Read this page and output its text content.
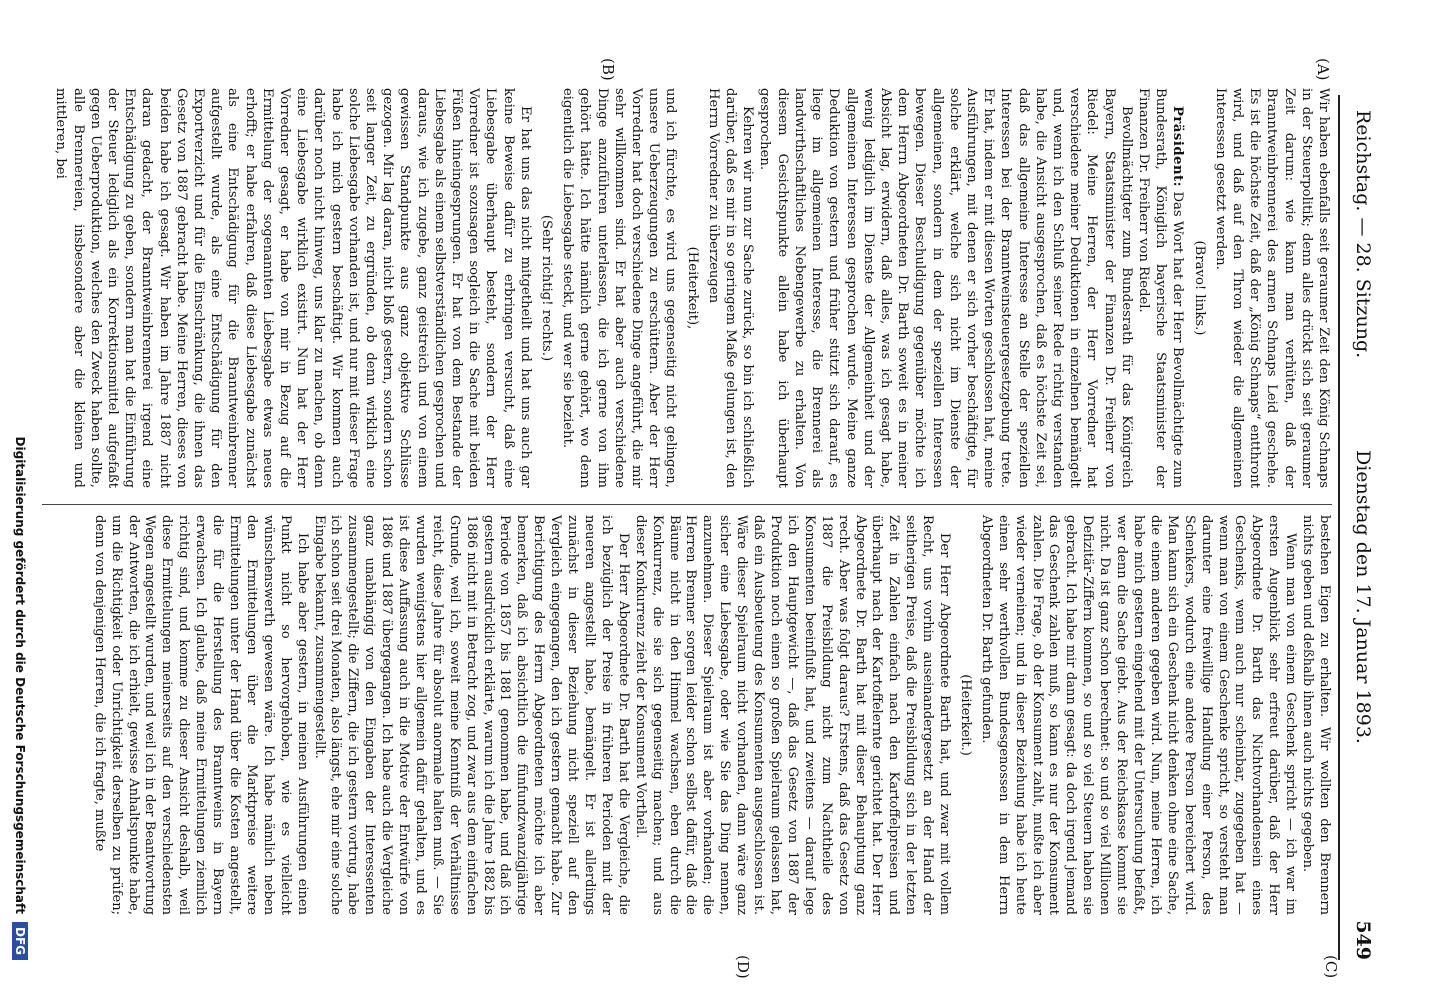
Reichstag. — 28. Sitzung.
Dienstag den 17. Januar 1893.
549
(A)
(B)
(C)
(D)

Wir haben ebenfalls seit geraumer Zeit den König Schnaps in der Steuerpolitik; denn alles drückt sich seit geraumer Zeit darum: wie kann man verhüten, daß der Branntweinbrennerei des armen Schnaps Leid geschehe. Es ist die höchste Zeit, daß der „König Schnaps“ entthront wird, und daß auf den Thron wieder die allgemeinen Interessen gesetzt werden.

(Bravo! links.)

Präsident: Das Wort hat der Herr Bevollmächtigte zum Bundesrath, Königlich bayerische Staatsminister der Finanzen Dr. Freiherr von Riedel.

Bevollmächtigter zum Bundesrath für das Königreich Bayern, Staatsminister der Finanzen Dr. Freiherr von Riedel: Meine Herren, der Herr Vorredner hat verschiedene meiner Deduktionen in einzelnen bemängelt und, wenn ich den Schluß seiner Rede richtig verstanden habe, die Ansicht ausgesprochen, daß es höchste Zeit sei, daß das allgemeine Interesse an Stelle der speziellen Interessen bei der Branntweinsteuergesetzgebung trete. Er hat, indem er mit diesen Worten geschlossen hat, meine Ausführungen, mit denen er sich vorher beschäftigte, für solche erklärt, welche sich nicht im Dienste der allgemeinen, sondern in dem der speziellen Interessen bewegen. Dieser Beschuldigung gegenüber möchte ich dem Herrn Abgeordneten Dr. Barth soweit es in meiner Absicht lag, erwidern, daß alles, was ich gesagt habe, wenig lediglich im Dienste der Allgemeinheit und der allgemeinen Interessen gesprochen wurde. Meine ganze Deduktion von gestern und früher stützt sich darauf, es liege im allgemeinen Interesse, die Brennerei als landwirthschaftliches Nebengewerbe zu erhalten. Von diesem Gesichtspunkte allein habe ich überhaupt gesprochen.

Kehren wir nun zur Sache zurück, so bin ich schließlich darüber, daß es mir in so geringem Maße gelungen ist, den Herrn Vorredner zu überzeugen

(Heiterkeit),

und ich fürchte, es wird uns gegenseitig nicht gelingen, unsere Ueberzeugungen zu erschüttern. Aber der Herr Vorredner hat doch verschiedene Dinge angeführt, die mir sehr willkommen sind. Er hat aber auch verschiedene Dinge anzuführen unterlassen, die ich gerne von ihm gehört hätte. Ich hätte nämlich gerne gehört, wo denn eigentlich die Liebesgabe steckt, und wer sie bezieht.

(Sehr richtig! rechts.)

Er hat uns das nicht mitgetheilt und hat uns auch gar keine Beweise dafür zu erbringen versucht, daß eine Liebesgabe überhaupt besteht, sondern der Herr Vorredner ist sozusagen sogleich in die Sache mit beiden Füßen hineingesprungen. Er hat von dem Bestande der Liebesgabe als einem selbstverständlichen gesprochen und daraus, wie ich zugebe, ganz geistreich und von einem gewissen Standpunkte aus ganz objektive Schlüsse gezogen. Mir lag daran, nicht bloß gestern, sondern schon seit langer Zeit, zu ergründen, ob denn wirklich eine solche Liebesgabe vorhanden ist, und nur mit dieser Frage habe ich mich gestern beschäftigt. Wir kommen auch darüber noch nicht hinweg, uns klar zu machen, ob denn eine Liebesgabe wirklich existirt. Nun hat der Herr Vorredner gesagt, er habe von mir in Bezug auf die Ermittelung der sogenannten Liebesgabe etwas neues erhofft; er habe erfahren, daß diese Liebesgabe zunächst als eine Entschädigung für die Branntweinbrenner aufgestellt wurde, als eine Entschädigung für den Exportverzicht und für die Einschränkung, die ihnen das Gesetz von 1887 gebracht habe. Meine Herren, dieses von beiden habe ich gesagt. Wir haben im Jahre 1887 nicht daran gedacht, der Branntweinbrennerei irgend eine Entschädigung zu geben, sondern man hat die Einführung der Steuer lediglich als ein Korrektionsmittel aufgefaßt gegen Ueberproduktion, welches den Zweck haben sollte, alle Brennereien, insbesondere aber die kleinen und mittleren, bei

bestehen Eigen zu erhalten. Wir wollten den Brennern nichts geben und deßhalb ihnen auch nichts gegeben.

Wenn man von einem Geschenk spricht — ich war im ersten Augenblick sehr erfreut darüber, daß der Herr Abgeordnete Dr. Barth das Nichtvorhandensein eines Geschenks, wenn auch nur scheinbar, zugegeben hat — wenn man von einem Geschenke spricht, so versteht man darunter eine freiwillige Handlung einer Person, des Schenkers, wodurch eine andere Person bereichert wird. Man kann sich ein Geschenk nicht denken ohne eine Sache, die einem anderen gegeben wird. Nun, meine Herren, ich habe mich gestern eingehend mit der Untersuchung befaßt, wer denn die Sache giebt. Aus der Reichskasse kommt sie nicht. Da ist ganz schon berechnet: so und so viel Millionen Defizitär-Ziffern kommen, so und so viel Steuern haben sie gebracht. Ich habe mir dann gesagt: da doch irgend jemand das Geschenk zahlen muß, so kann es nur der Konsument zahlen. Die Frage, ob der Konsument zahlt, mußte ich aber wieder verneinen; und in dieser Beziehung habe ich heute einen sehr werthvollen Bundesgenossen in dem Herrn Abgeordneten Dr. Barth gefunden.

(Heiterkeit.)

Der Herr Abgeordnete Barth hat, und zwar mit vollem Recht, uns vorhin auseinandergesetzt an der Hand der seitherigen Preise, daß die Preisbildung sich in der letzten Zeit in Zahlen einfach nach den Kartoffelpreisen und überhaupt nach der Kartoffelernte gerichtet hat. Der Herr Abgeordnete Dr. Barth hat mit dieser Behauptung ganz recht. Aber was folgt daraus? Erstens, daß das Gesetz von 1887 die Preisbildung nicht zum Nachtheile des Konsumenten beeinflußt hat, und zweitens — darauf lege ich den Hauptgewicht —, daß das Gesetz von 1887 der Produktion noch einen so großen Spielraum gelassen hat, daß ein Ausbeuteung des Konsumenten ausgeschlossen ist. Wäre dieser Spielraum nicht vorhanden, dann wäre ganz sicher eine Liebesgabe, oder wie Sie das Ding nennen, anzunehmen. Dieser Spielraum ist aber vorhanden; die Herren Brenner sorgen leider schon selbst dafür, daß die Bäume nicht in den Himmel wachsen, eben durch die Konkurrenz, die sie sich gegenseitig machen; und aus dieser Konkurrenz zieht der Konsument Vortheil.

Der Herr Abgeordnete Dr. Barth hat die Vergleiche, die ich bezüglich der Preise in früheren Perioden mit der neueren angestellt habe, bemängelt. Er ist allerdings zunächst in dieser Beziehung nicht speziell auf den Vergleich eingegangen, den ich gestern gemacht habe. Zur Berichtigung des Herrn Abgeordneten möchte ich aber bemerken, daß ich absichtlich die fünfundzwanzigjährige Periode von 1857 bis 1881 genommen habe, und daß ich gestern ausdrücklich erklärte, warum ich die Jahre 1882 bis 1886 nicht mit in Betracht zog, und zwar aus dem einfachen Grunde, weil ich, soweit meine Kenntniß der Verhältnisse reicht, diese Jahre für absolut anormale halten muß. — Sie wurden wenigstens hier allgemein dafür gehalten, und es ist diese Auffassung auch in die Motive der Entwürfe von 1886 und 1887 übergegangen. Ich habe auch die Vergleiche ganz unabhängig von den Eingaben der Interessenten zusammengestellt; die Ziffern, die ich gestern vortrug, habe ich schon seit drei Monaten, also längst, ehe mir eine solche Eingabe bekannt, zusammengestellt.

Ich habe aber gestern, in meinen Ausführungen einen Punkt nicht so hervorgehoben, wie es vielleicht wünschenswerth gewesen wäre. Ich habe nämlich neben den Ermittelungen über die Marktpreise weitere Ermittelungen unter der Hand über die Kosten angestellt, die für die Herstellung des Branntweins in Bayern erwachsen. Ich glaube, daß meine Ermittelungen ziemlich richtig sind, und komme zu dieser Ansicht deshalb, weil diese Ermittelungen meinerseits auf den verschiedensten Wegen angestellt wurden, und weil ich in der Beantwortung der Antworten, die ich erhielt, gewisse Anhaltspunkte habe, um die Richtigkeit oder Unrichtigkeit derselben zu prüfen; denn von denjenigen Herren, die ich fragte, mußte

Digitalisierung gefördert durch die Deutsche Forschungsgemeinschaft
DFG
